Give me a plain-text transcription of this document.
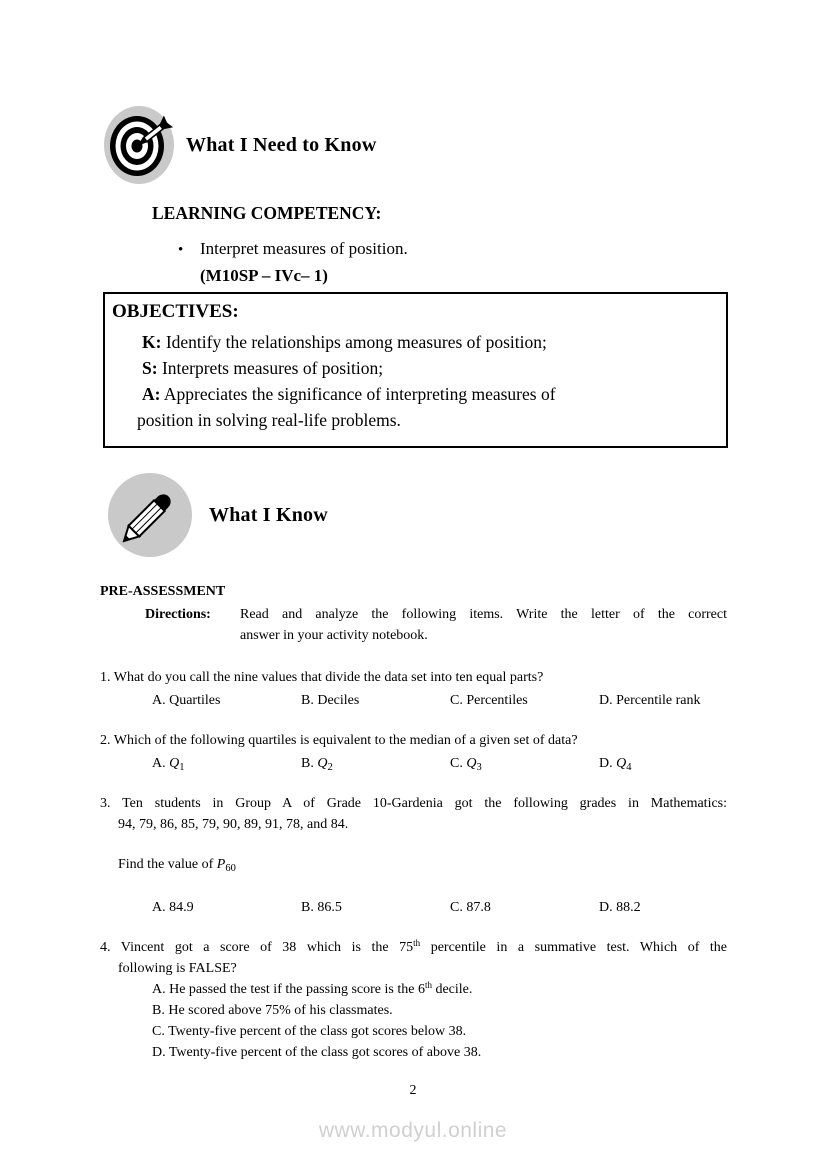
What I Need to Know
LEARNING COMPETENCY:
• Interpret measures of position.
(M10SP – IVc– 1)
OBJECTIVES:
K: Identify the relationships among measures of position;
S: Interprets measures of position;
A: Appreciates the significance of interpreting measures of
position in solving real-life problems.
What I Know
PRE-ASSESSMENT
Directions:	Read and analyze the following items. Write the letter of the correct
answer in your activity notebook.
1. What do you call the nine values that divide the data set into ten equal parts?
A. Quartiles	B. Deciles	C. Percentiles	D. Percentile rank
2. Which of the following quartiles is equivalent to the median of a given set of data?
A. $Q_1$	B. $Q_2$	C. $Q_3$	D. $Q_4$
3. Ten students in Group A of Grade 10-Gardenia got the following grades in Mathematics:
94, 79, 86, 85, 79, 90, 89, 91, 78, and 84.
Find the value of $P_{60}$
A. 84.9	B. 86.5	C. 87.8	D. 88.2
4. Vincent got a score of 38 which is the 75th percentile in a summative test. Which of the
following is FALSE?
A. He passed the test if the passing score is the 6th decile.
B. He scored above 75% of his classmates.
C. Twenty-five percent of the class got scores below 38.
D. Twenty-five percent of the class got scores of above 38.
2
www.modyul.online
